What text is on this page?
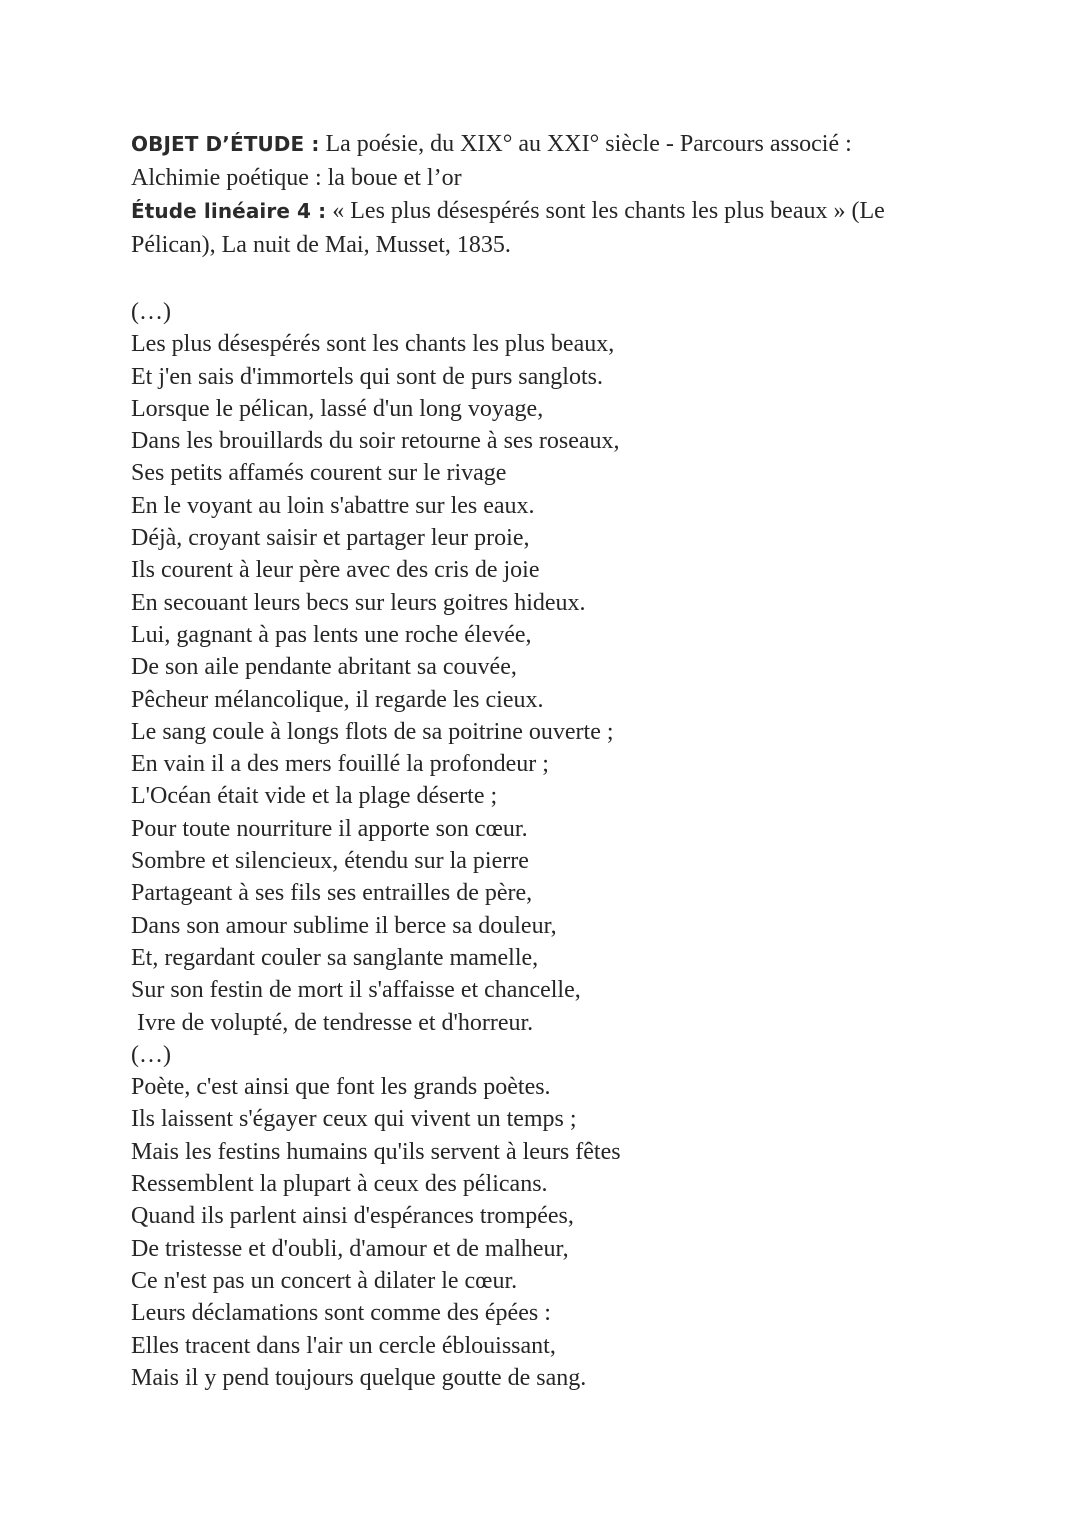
OBJET D’ÉTUDE : La poésie, du XIX° au XXI° siècle - Parcours associé :

Alchimie poétique : la boue et l’or

Étude linéaire 4 : « Les plus désespérés sont les chants les plus beaux » (Le

Pélican), La nuit de Mai, Musset, 1835.

(…)
Les plus désespérés sont les chants les plus beaux,
Et j'en sais d'immortels qui sont de purs sanglots.
Lorsque le pélican, lassé d'un long voyage,
Dans les brouillards du soir retourne à ses roseaux,
Ses petits affamés courent sur le rivage
En le voyant au loin s'abattre sur les eaux.
Déjà, croyant saisir et partager leur proie,
Ils courent à leur père avec des cris de joie
En secouant leurs becs sur leurs goitres hideux.
Lui, gagnant à pas lents une roche élevée,
De son aile pendante abritant sa couvée,
Pêcheur mélancolique, il regarde les cieux.
Le sang coule à longs flots de sa poitrine ouverte ;
En vain il a des mers fouillé la profondeur ;
L'Océan était vide et la plage déserte ;
Pour toute nourriture il apporte son cœur.
Sombre et silencieux, étendu sur la pierre
Partageant à ses fils ses entrailles de père,
Dans son amour sublime il berce sa douleur,
Et, regardant couler sa sanglante mamelle,
Sur son festin de mort il s'affaisse et chancelle,
Ivre de volupté, de tendresse et d'horreur.
(…)
Poète, c'est ainsi que font les grands poètes.
Ils laissent s'égayer ceux qui vivent un temps ;
Mais les festins humains qu'ils servent à leurs fêtes
Ressemblent la plupart à ceux des pélicans.
Quand ils parlent ainsi d'espérances trompées,
De tristesse et d'oubli, d'amour et de malheur,
Ce n'est pas un concert à dilater le cœur.
Leurs déclamations sont comme des épées :
Elles tracent dans l'air un cercle éblouissant,
Mais il y pend toujours quelque goutte de sang.
